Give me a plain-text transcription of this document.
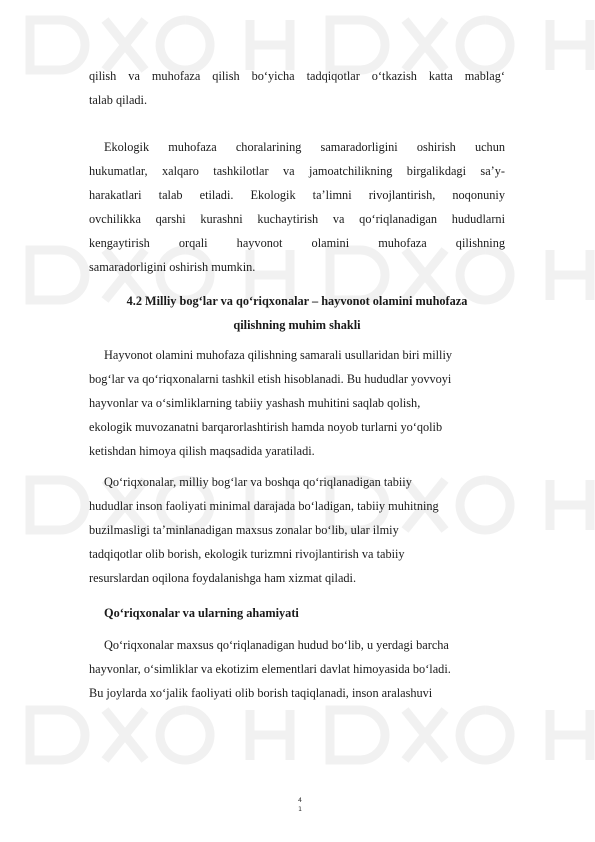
qilish va muhofaza qilish bo‘yicha tadqiqotlar o‘tkazish katta mablag‘
talab qiladi.
Ekologik muhofaza choralarining samaradorligini oshirish uchun
hukumatlar, xalqaro tashkilotlar va jamoatchilikning birgalikdagi sa’y-
harakatlari talab etiladi. Ekologik ta’limni rivojlantirish, noqonuniy
ovchilikka qarshi kurashni kuchaytirish va qo‘riqlanadigan hududlarni
kengaytirish orqali hayvonot olamini muhofaza qilishning
samaradorligini oshirish mumkin.
4.2 Milliy bog‘lar va qo‘riqxonalar – hayvonot olamini muhofaza
qilishning muhim shakli
Hayvonot olamini muhofaza qilishning samarali usullaridan biri milliy
bog‘lar va qo‘riqxonalarni tashkil etish hisoblanadi. Bu hududlar yovvoyi
hayvonlar va o‘simliklarning tabiiy yashash muhitini saqlab qolish,
ekologik muvozanatni barqarorlashtirish hamda noyob turlarni yo‘qolib
ketishdan himoya qilish maqsadida yaratiladi.
Qo‘riqxonalar, milliy bog‘lar va boshqa qo‘riqlanadigan tabiiy
hududlar inson faoliyati minimal darajada bo‘ladigan, tabiiy muhitning
buzilmasligi ta’minlanadigan maxsus zonalar bo‘lib, ular ilmiy
tadqiqotlar olib borish, ekologik turizmni rivojlantirish va tabiiy
resurslardan oqilona foydalanishga ham xizmat qiladi.
Qo‘riqxonalar va ularning ahamiyati
Qo‘riqxonalar maxsus qo‘riqlanadigan hudud bo‘lib, u yerdagi barcha
hayvonlar, o‘simliklar va ekotizim elementlari davlat himoyasida bo‘ladi.
Bu joylarda xo‘jalik faoliyati olib borish taqiqlanadi, inson aralashuvi
4
1
